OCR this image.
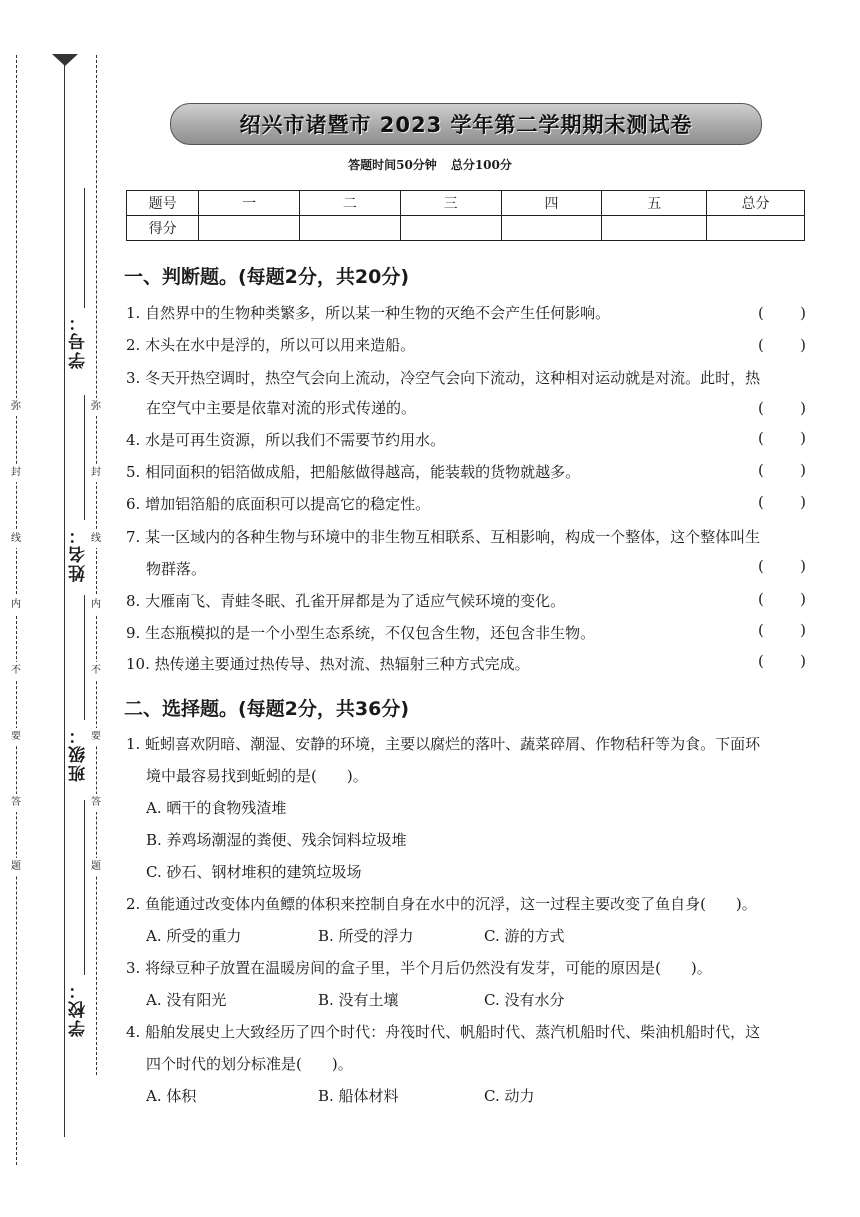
弥
封
线
内
不
要
答
题
弥
封
线
内
不
要
答
题
学号：
姓名：
班级：
学校：
绍兴市诸暨市 2023 学年第二学期期末测试卷
答题时间50分钟 总分100分
题号	一	二	三	四	五	总分
得分						
一、判断题。(每题2分，共20分)
1. 自然界中的生物种类繁多，所以某一种生物的灭绝不会产生任何影响。	( )
2. 木头在水中是浮的，所以可以用来造船。	( )
3. 冬天开热空调时，热空气会向上流动，冷空气会向下流动，这种相对运动就是对流。此时，热
在空气中主要是依靠对流的形式传递的。	( )
4. 水是可再生资源，所以我们不需要节约用水。	( )
5. 相同面积的铝箔做成船，把船舷做得越高，能装载的货物就越多。	( )
6. 增加铝箔船的底面积可以提高它的稳定性。	( )
7. 某一区域内的各种生物与环境中的非生物互相联系、互相影响，构成一个整体，这个整体叫生
物群落。	( )
8. 大雁南飞、青蛙冬眠、孔雀开屏都是为了适应气候环境的变化。	( )
9. 生态瓶模拟的是一个小型生态系统，不仅包含生物，还包含非生物。	( )
10. 热传递主要通过热传导、热对流、热辐射三种方式完成。	( )
二、选择题。(每题2分，共36分)
1. 蚯蚓喜欢阴暗、潮湿、安静的环境，主要以腐烂的落叶、蔬菜碎屑、作物秸秆等为食。下面环
境中最容易找到蚯蚓的是(　　)。
A. 晒干的食物残渣堆
B. 养鸡场潮湿的粪便、残余饲料垃圾堆
C. 砂石、钢材堆积的建筑垃圾场
2. 鱼能通过改变体内鱼鳔的体积来控制自身在水中的沉浮，这一过程主要改变了鱼自身(　　)。
A. 所受的重力	B. 所受的浮力	C. 游的方式
3. 将绿豆种子放置在温暖房间的盒子里，半个月后仍然没有发芽，可能的原因是(　　)。
A. 没有阳光	B. 没有土壤	C. 没有水分
4. 船舶发展史上大致经历了四个时代：舟筏时代、帆船时代、蒸汽机船时代、柴油机船时代，这
四个时代的划分标准是(　　)。
A. 体积	B. 船体材料	C. 动力
